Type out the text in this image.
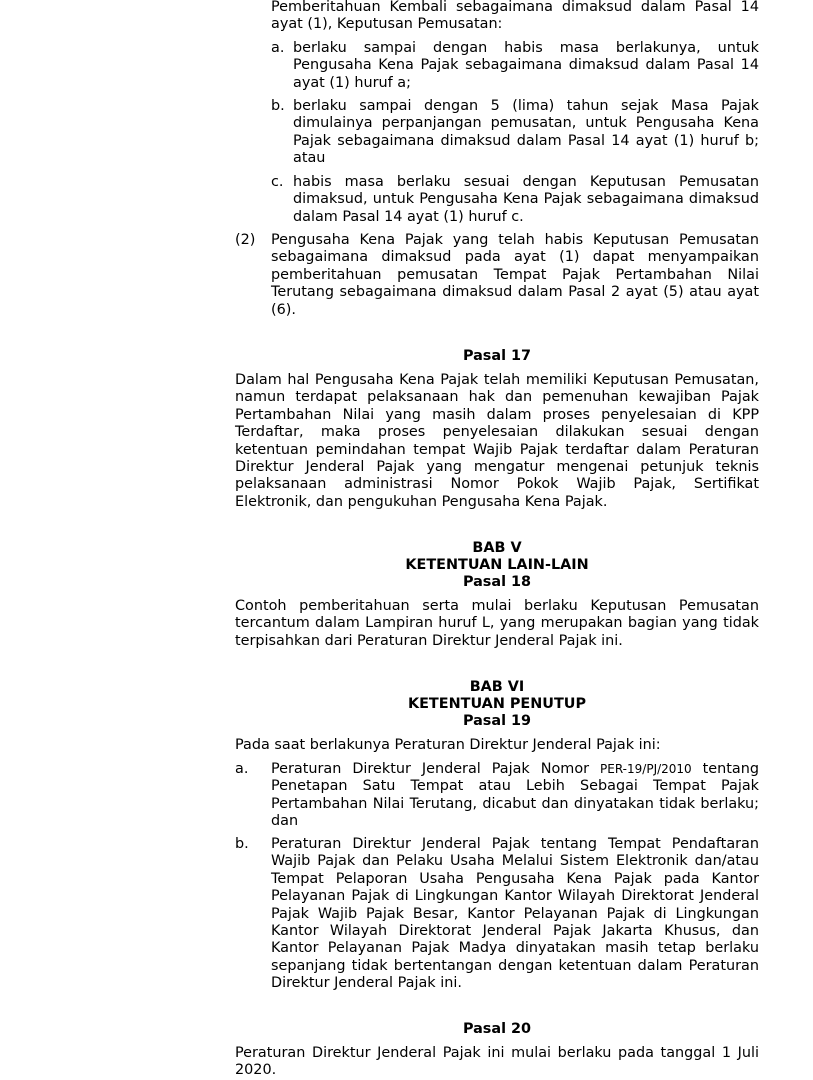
Pemberitahuan Kembali sebagaimana dimaksud dalam Pasal 14 ayat (1), Keputusan Pemusatan:
a. berlaku sampai dengan habis masa berlakunya, untuk Pengusaha Kena Pajak sebagaimana dimaksud dalam Pasal 14 ayat (1) huruf a;
b. berlaku sampai dengan 5 (lima) tahun sejak Masa Pajak dimulainya perpanjangan pemusatan, untuk Pengusaha Kena Pajak sebagaimana dimaksud dalam Pasal 14 ayat (1) huruf b; atau
c. habis masa berlaku sesuai dengan Keputusan Pemusatan dimaksud, untuk Pengusaha Kena Pajak sebagaimana dimaksud dalam Pasal 14 ayat (1) huruf c.
(2) Pengusaha Kena Pajak yang telah habis Keputusan Pemusatan sebagaimana dimaksud pada ayat (1) dapat menyampaikan pemberitahuan pemusatan Tempat Pajak Pertambahan Nilai Terutang sebagaimana dimaksud dalam Pasal 2 ayat (5) atau ayat (6).
Pasal 17
Dalam hal Pengusaha Kena Pajak telah memiliki Keputusan Pemusatan, namun terdapat pelaksanaan hak dan pemenuhan kewajiban Pajak Pertambahan Nilai yang masih dalam proses penyelesaian di KPP Terdaftar, maka proses penyelesaian dilakukan sesuai dengan ketentuan pemindahan tempat Wajib Pajak terdaftar dalam Peraturan Direktur Jenderal Pajak yang mengatur mengenai petunjuk teknis pelaksanaan administrasi Nomor Pokok Wajib Pajak, Sertifikat Elektronik, dan pengukuhan Pengusaha Kena Pajak.
BAB V
KETENTUAN LAIN-LAIN
Pasal 18
Contoh pemberitahuan serta mulai berlaku Keputusan Pemusatan tercantum dalam Lampiran huruf L, yang merupakan bagian yang tidak terpisahkan dari Peraturan Direktur Jenderal Pajak ini.
BAB VI
KETENTUAN PENUTUP
Pasal 19
Pada saat berlakunya Peraturan Direktur Jenderal Pajak ini:
a. Peraturan Direktur Jenderal Pajak Nomor PER-19/PJ/2010 tentang Penetapan Satu Tempat atau Lebih Sebagai Tempat Pajak Pertambahan Nilai Terutang, dicabut dan dinyatakan tidak berlaku; dan
b. Peraturan Direktur Jenderal Pajak tentang Tempat Pendaftaran Wajib Pajak dan Pelaku Usaha Melalui Sistem Elektronik dan/atau Tempat Pelaporan Usaha Pengusaha Kena Pajak pada Kantor Pelayanan Pajak di Lingkungan Kantor Wilayah Direktorat Jenderal Pajak Wajib Pajak Besar, Kantor Pelayanan Pajak di Lingkungan Kantor Wilayah Direktorat Jenderal Pajak Jakarta Khusus, dan Kantor Pelayanan Pajak Madya dinyatakan masih tetap berlaku sepanjang tidak bertentangan dengan ketentuan dalam Peraturan Direktur Jenderal Pajak ini.
Pasal 20
Peraturan Direktur Jenderal Pajak ini mulai berlaku pada tanggal 1 Juli 2020.
